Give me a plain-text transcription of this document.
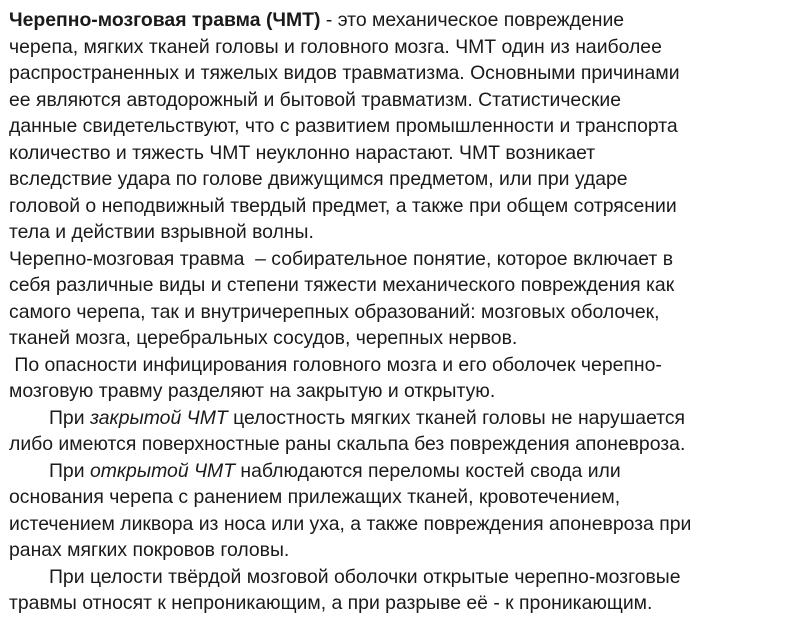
Черепно-мозговая травма (ЧМТ) - это механическое повреждение
черепа, мягких тканей головы и головного мозга. ЧМТ один из наиболее
распространенных и тяжелых видов травматизма. Основными причинами
ее являются автодорожный и бытовой травматизм. Статистические
данные свидетельствуют, что с развитием промышленности и транспорта
количество и тяжесть ЧМТ неуклонно нарастают. ЧМТ возникает
вследствие удара по голове движущимся предметом, или при ударе
головой о неподвижный твердый предмет, а также при общем сотрясении
тела и действии взрывной волны.
Черепно-мозговая травма  – собирательное понятие, которое включает в
себя различные виды и степени тяжести механического повреждения как
самого черепа, так и внутричерепных образований: мозговых оболочек,
тканей мозга, церебральных сосудов, черепных нервов.
По опасности инфицирования головного мозга и его оболочек черепно-
мозговую травму разделяют на закрытую и открытую.
При закрытой ЧМТ целостность мягких тканей головы не нарушается
либо имеются поверхностные раны скальпа без повреждения апоневроза.
При открытой ЧМТ наблюдаются переломы костей свода или
основания черепа с ранением прилежащих тканей, кровотечением,
истечением ликвора из носа или уха, а также повреждения апоневроза при
ранах мягких покровов головы.
При целости твёрдой мозговой оболочки открытые черепно-мозговые
травмы относят к непроникающим, а при разрыве её - к проникающим.
